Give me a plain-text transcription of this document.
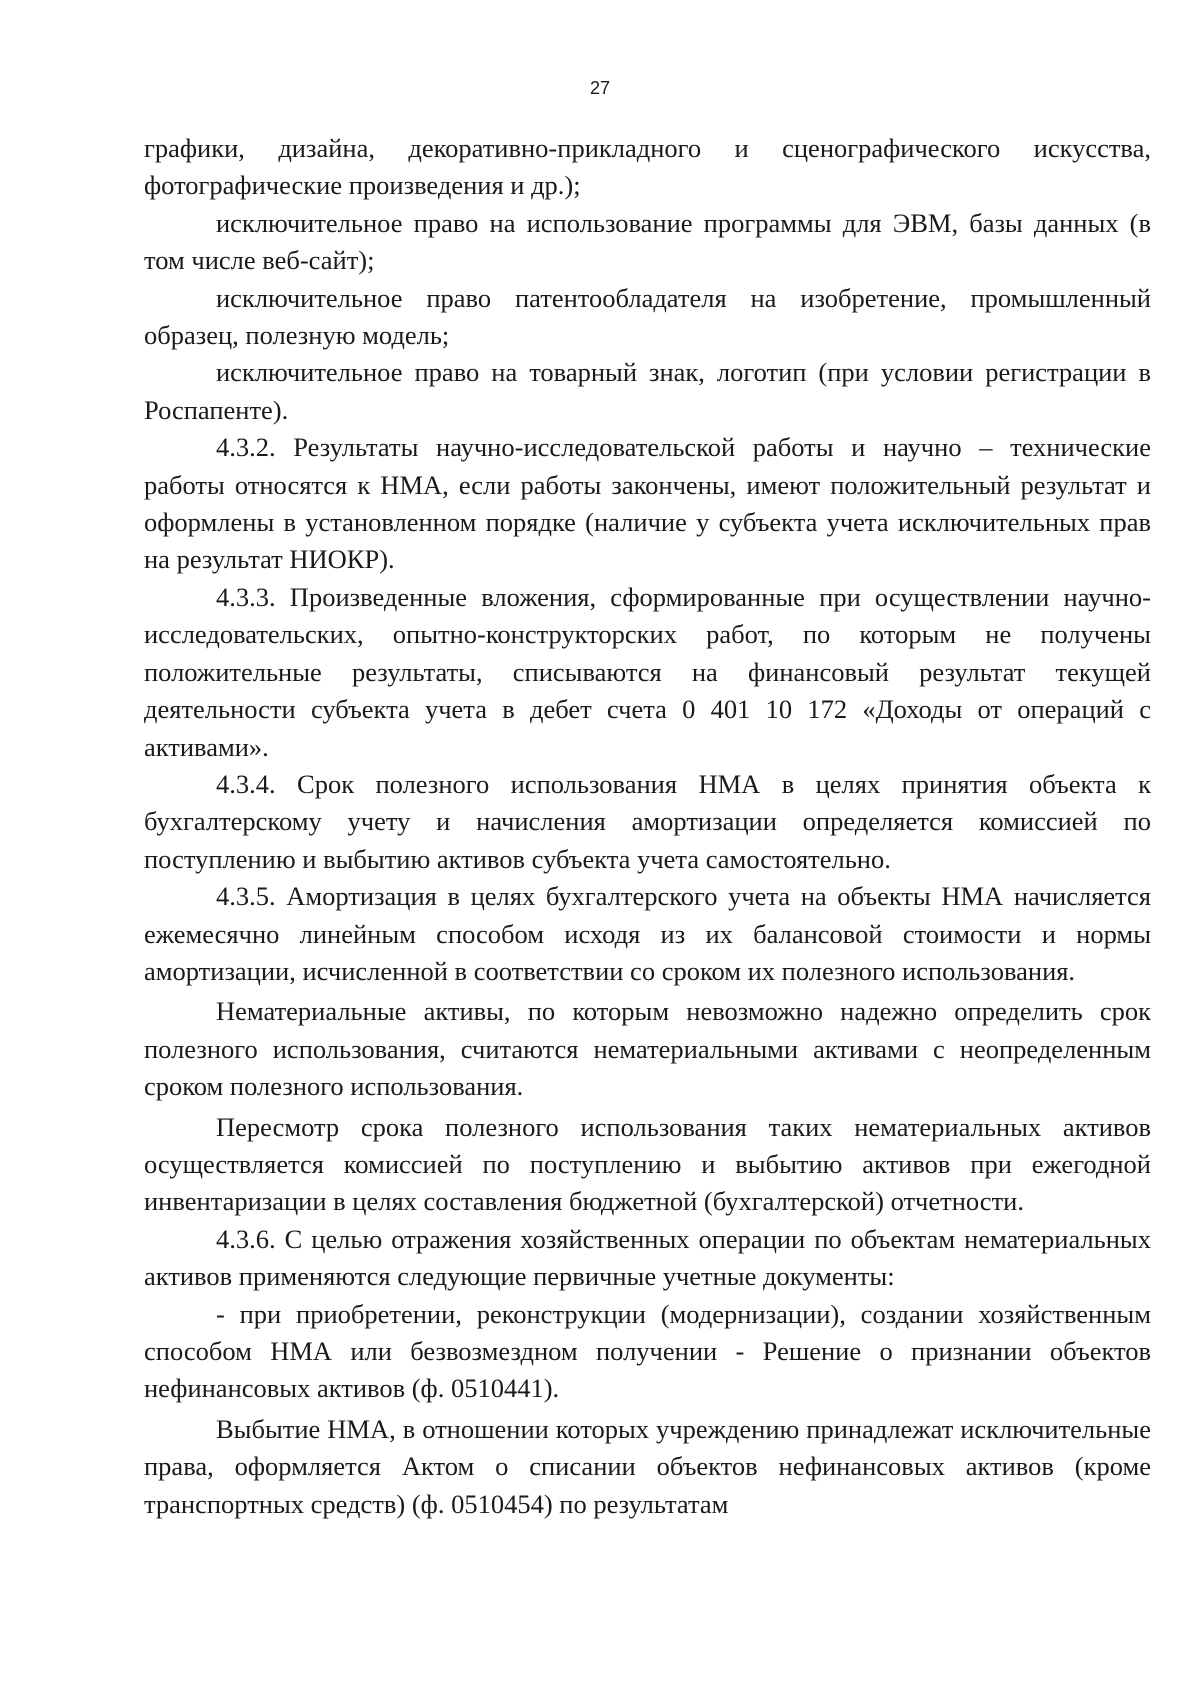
27

графики, дизайна, декоративно-прикладного и сценографического искусства, фотографические произведения и др.);

исключительное право на использование программы для ЭВМ, базы данных (в том числе веб-сайт);

исключительное право патентообладателя на изобретение, промышленный образец, полезную модель;

исключительное право на товарный знак, логотип (при условии регистрации в Роспапенте).

4.3.2. Результаты научно-исследовательской работы и научно – технические работы относятся к НМА, если работы закончены, имеют положительный результат и оформлены в установленном порядке (наличие у субъекта учета исключительных прав на результат НИОКР).

4.3.3. Произведенные вложения, сформированные при осуществлении научно-исследовательских, опытно-конструкторских работ, по которым не получены положительные результаты, списываются на финансовый результат текущей деятельности субъекта учета в дебет счета 0 401 10 172 «Доходы от операций с активами».

4.3.4. Срок полезного использования НМА в целях принятия объекта к бухгалтерскому учету и начисления амортизации определяется комиссией по поступлению и выбытию активов субъекта учета самостоятельно.

4.3.5. Амортизация в целях бухгалтерского учета на объекты НМА начисляется ежемесячно линейным способом исходя из их балансовой стоимости и нормы амортизации, исчисленной в соответствии со сроком их полезного использования.

Нематериальные активы, по которым невозможно надежно определить срок полезного использования, считаются нематериальными активами с неопределенным сроком полезного использования.

Пересмотр срока полезного использования таких нематериальных активов осуществляется комиссией по поступлению и выбытию активов при ежегодной инвентаризации в целях составления бюджетной (бухгалтерской) отчетности.

4.3.6. С целью отражения хозяйственных операции по объектам нематериальных активов применяются следующие первичные учетные документы:

- при приобретении, реконструкции (модернизации), создании хозяйственным способом НМА или безвозмездном получении - Решение о признании объектов нефинансовых активов (ф. 0510441).

Выбытие НМА, в отношении которых учреждению принадлежат исключительные права, оформляется Актом о списании объектов нефинансовых активов (кроме транспортных средств) (ф. 0510454) по результатам
